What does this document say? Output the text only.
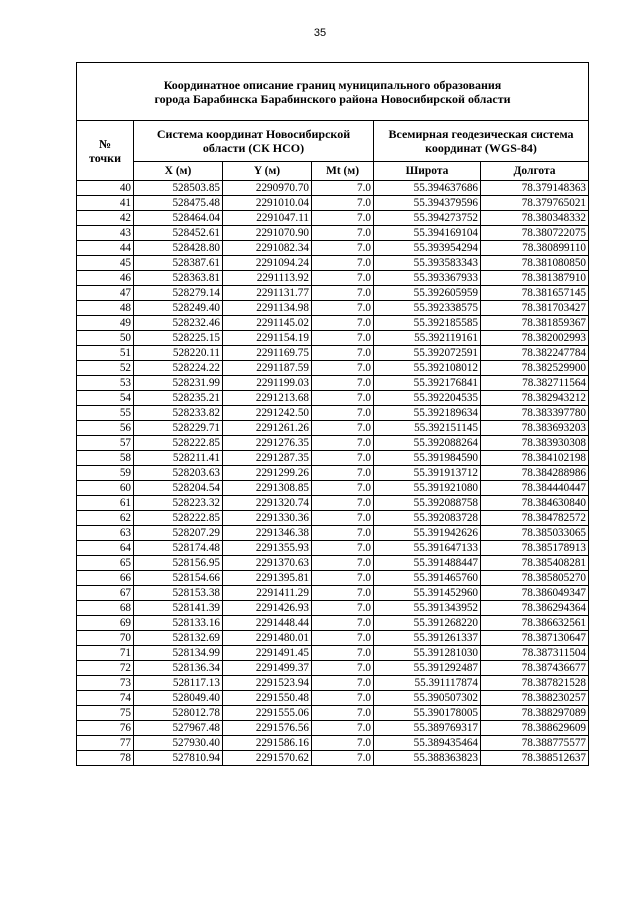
35
Координатное описание границ муниципального образования
города Барабинска Барабинского района Новосибирской области					
№
точки	Система координат Новосибирской области (СК НСО)			Всемирная геодезическая система координат (WGS-84)	
	X (м)	Y (м)	Mt (м)	Широта	Долгота
40	528503.85	2290970.70	7.0	55.394637686	78.379148363
41	528475.48	2291010.04	7.0	55.394379596	78.379765021
42	528464.04	2291047.11	7.0	55.394273752	78.380348332
43	528452.61	2291070.90	7.0	55.394169104	78.380722075
44	528428.80	2291082.34	7.0	55.393954294	78.380899110
45	528387.61	2291094.24	7.0	55.393583343	78.381080850
46	528363.81	2291113.92	7.0	55.393367933	78.381387910
47	528279.14	2291131.77	7.0	55.392605959	78.381657145
48	528249.40	2291134.98	7.0	55.392338575	78.381703427
49	528232.46	2291145.02	7.0	55.392185585	78.381859367
50	528225.15	2291154.19	7.0	55.392119161	78.382002993
51	528220.11	2291169.75	7.0	55.392072591	78.382247784
52	528224.22	2291187.59	7.0	55.392108012	78.382529900
53	528231.99	2291199.03	7.0	55.392176841	78.382711564
54	528235.21	2291213.68	7.0	55.392204535	78.382943212
55	528233.82	2291242.50	7.0	55.392189634	78.383397780
56	528229.71	2291261.26	7.0	55.392151145	78.383693203
57	528222.85	2291276.35	7.0	55.392088264	78.383930308
58	528211.41	2291287.35	7.0	55.391984590	78.384102198
59	528203.63	2291299.26	7.0	55.391913712	78.384288986
60	528204.54	2291308.85	7.0	55.391921080	78.384440447
61	528223.32	2291320.74	7.0	55.392088758	78.384630840
62	528222.85	2291330.36	7.0	55.392083728	78.384782572
63	528207.29	2291346.38	7.0	55.391942626	78.385033065
64	528174.48	2291355.93	7.0	55.391647133	78.385178913
65	528156.95	2291370.63	7.0	55.391488447	78.385408281
66	528154.66	2291395.81	7.0	55.391465760	78.385805270
67	528153.38	2291411.29	7.0	55.391452960	78.386049347
68	528141.39	2291426.93	7.0	55.391343952	78.386294364
69	528133.16	2291448.44	7.0	55.391268220	78.386632561
70	528132.69	2291480.01	7.0	55.391261337	78.387130647
71	528134.99	2291491.45	7.0	55.391281030	78.387311504
72	528136.34	2291499.37	7.0	55.391292487	78.387436677
73	528117.13	2291523.94	7.0	55.391117874	78.387821528
74	528049.40	2291550.48	7.0	55.390507302	78.388230257
75	528012.78	2291555.06	7.0	55.390178005	78.388297089
76	527967.48	2291576.56	7.0	55.389769317	78.388629609
77	527930.40	2291586.16	7.0	55.389435464	78.388775577
78	527810.94	2291570.62	7.0	55.388363823	78.388512637
